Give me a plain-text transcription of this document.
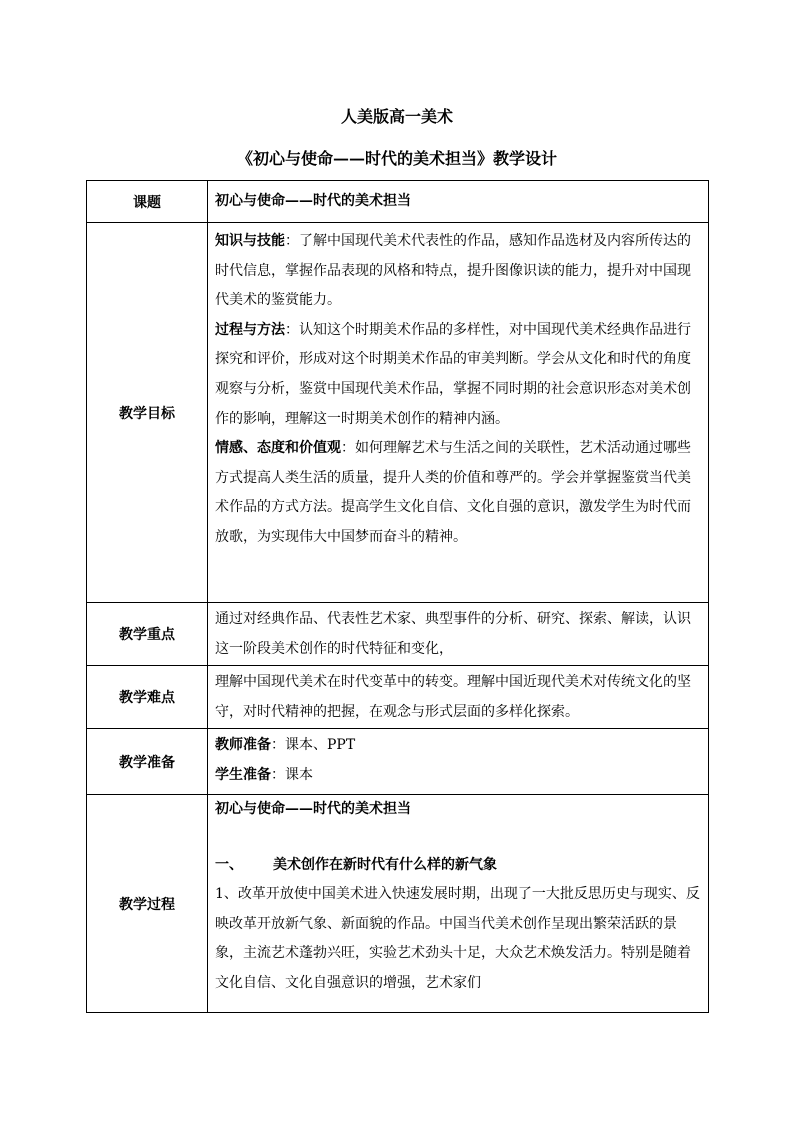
人美版高一美术
《初心与使命——时代的美术担当》教学设计
课题	初心与使命——时代的美术担当
教学目标	知识与技能：了解中国现代美术代表性的作品，感知作品选材及内容所传达的时代信息，掌握作品表现的风格和特点，提升图像识读的能力，提升对中国现代美术的鉴赏能力。
过程与方法：认知这个时期美术作品的多样性，对中国现代美术经典作品进行探究和评价，形成对这个时期美术作品的审美判断。学会从文化和时代的角度观察与分析，鉴赏中国现代美术作品，掌握不同时期的社会意识形态对美术创作的影响，理解这一时期美术创作的精神内涵。
情感、态度和价值观：如何理解艺术与生活之间的关联性，艺术活动通过哪些方式提高人类生活的质量，提升人类的价值和尊严的。学会并掌握鉴赏当代美术作品的方式方法。提高学生文化自信、文化自强的意识，激发学生为时代而放歌，为实现伟大中国梦而奋斗的精神。

教学重点	通过对经典作品、代表性艺术家、典型事件的分析、研究、探索、解读，认识这一阶段美术创作的时代特征和变化，
教学难点	理解中国现代美术在时代变革中的转变。理解中国近现代美术对传统文化的坚守，对时代精神的把握，在观念与形式层面的多样化探索。
教学准备	教师准备：课本、PPT
学生准备：课本

教学过程	初心与使命——时代的美术担当
一、 美术创作在新时代有什么样的新气象
1、改革开放使中国美术进入快速发展时期，出现了一大批反思历史与现实、反映改革开放新气象、新面貌的作品。中国当代美术创作呈现出繁荣活跃的景象，主流艺术蓬勃兴旺，实验艺术劲头十足，大众艺术焕发活力。特别是随着文化自信、文化自强意识的增强，艺术家们
